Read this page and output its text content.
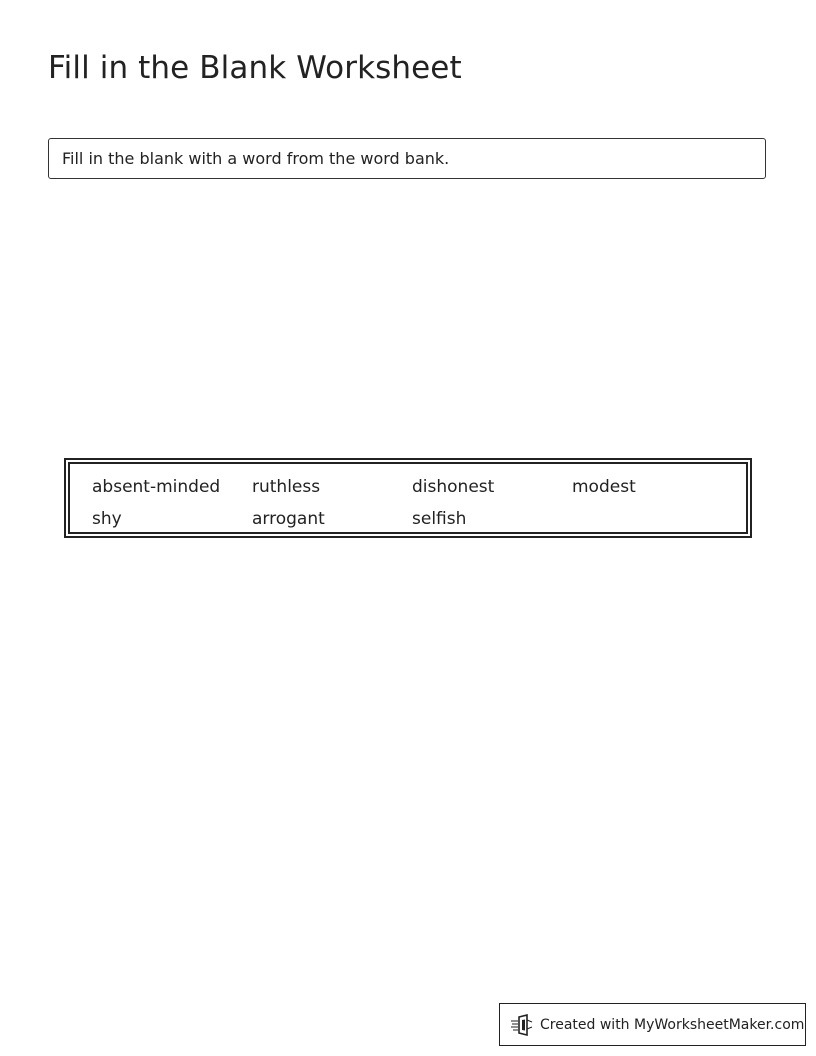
Fill in the Blank Worksheet
Fill in the blank with a word from the word bank.
absent-minded	ruthless	dishonest	modest
shy	arrogant	selfish
Created with MyWorksheetMaker.com
